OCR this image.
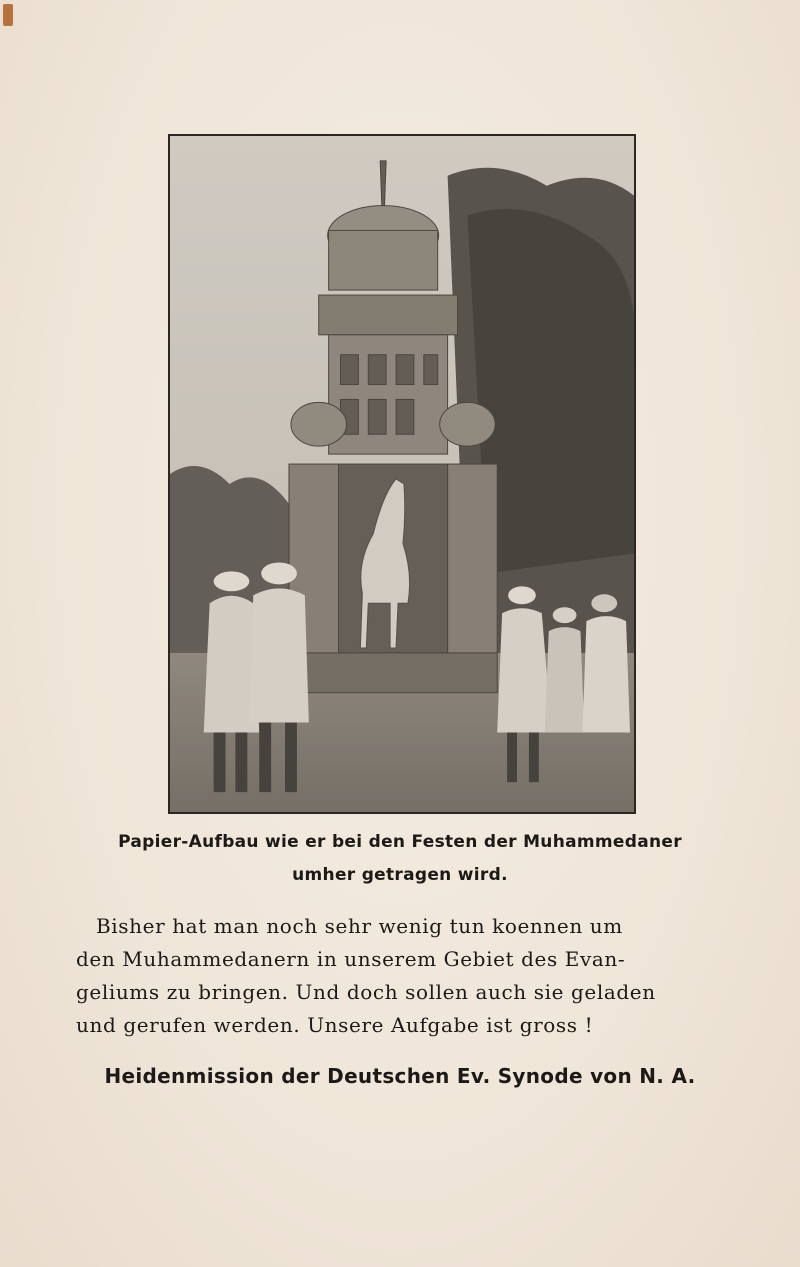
Papier-Aufbau wie er bei den Festen der Muhammedaner
umher getragen wird.
Bisher hat man noch sehr wenig tun koennen um
den Muhammedanern in unserem Gebiet des Evan-
geliums zu bringen. Und doch sollen auch sie geladen
und gerufen werden. Unsere Aufgabe ist gross !
Heidenmission der Deutschen Ev. Synode von N. A.
